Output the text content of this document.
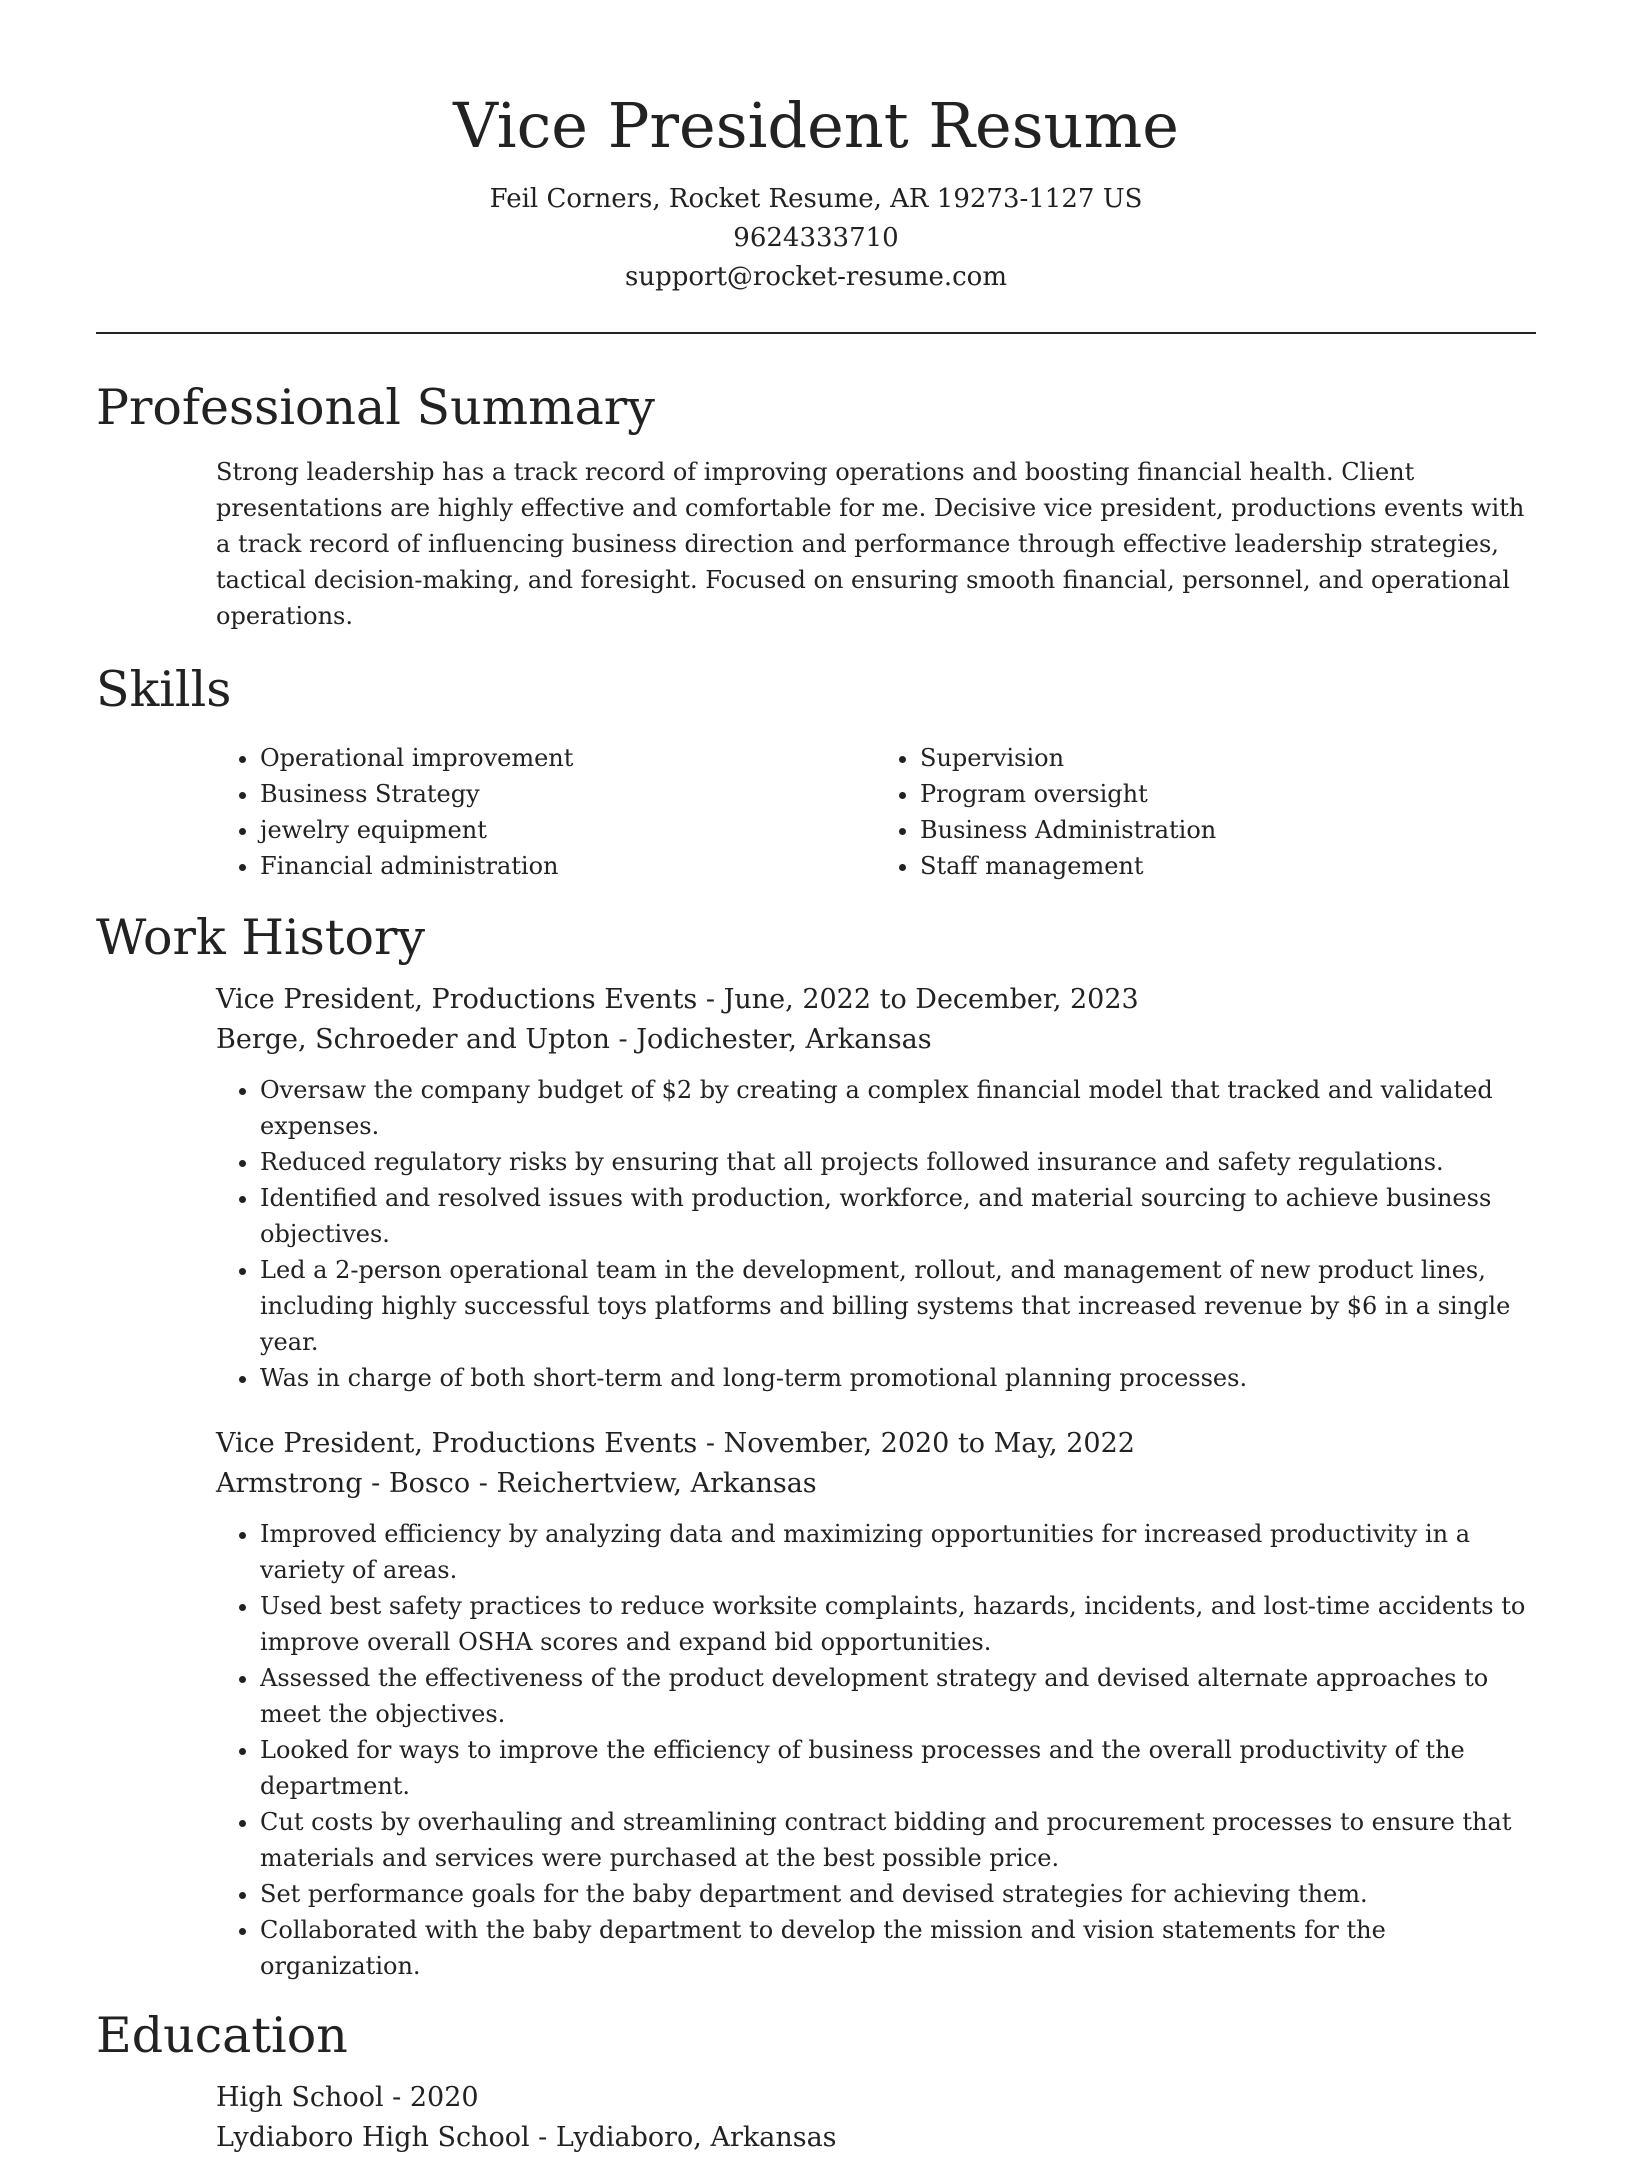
Vice President Resume
Feil Corners, Rocket Resume, AR 19273-1127 US
9624333710
support@rocket-resume.com
Professional Summary

Strong leadership has a track record of improving operations and boosting financial health. Client presentations are highly effective and comfortable for me. Decisive vice president, productions events with a track record of influencing business direction and performance through effective leadership strategies, tactical decision-making, and foresight. Focused on ensuring smooth financial, personnel, and operational operations.

Skills
• Operational improvement
• Business Strategy
• jewelry equipment
• Financial administration
• Supervision
• Program oversight
• Business Administration
• Staff management
Work History
Vice President, Productions Events - June, 2022 to December, 2023
Berge, Schroeder and Upton - Jodichester, Arkansas
• Oversaw the company budget of $2 by creating a complex financial model that tracked and validated expenses.
• Reduced regulatory risks by ensuring that all projects followed insurance and safety regulations.
• Identified and resolved issues with production, workforce, and material sourcing to achieve business objectives.
• Led a 2-person operational team in the development, rollout, and management of new product lines, including highly successful toys platforms and billing systems that increased revenue by $6 in a single year.
• Was in charge of both short-term and long-term promotional planning processes.
Vice President, Productions Events - November, 2020 to May, 2022
Armstrong - Bosco - Reichertview, Arkansas
• Improved efficiency by analyzing data and maximizing opportunities for increased productivity in a variety of areas.
• Used best safety practices to reduce worksite complaints, hazards, incidents, and lost-time accidents to improve overall OSHA scores and expand bid opportunities.
• Assessed the effectiveness of the product development strategy and devised alternate approaches to meet the objectives.
• Looked for ways to improve the efficiency of business processes and the overall productivity of the department.
• Cut costs by overhauling and streamlining contract bidding and procurement processes to ensure that materials and services were purchased at the best possible price.
• Set performance goals for the baby department and devised strategies for achieving them.
• Collaborated with the baby department to develop the mission and vision statements for the organization.
Education
High School - 2020
Lydiaboro High School - Lydiaboro, Arkansas
